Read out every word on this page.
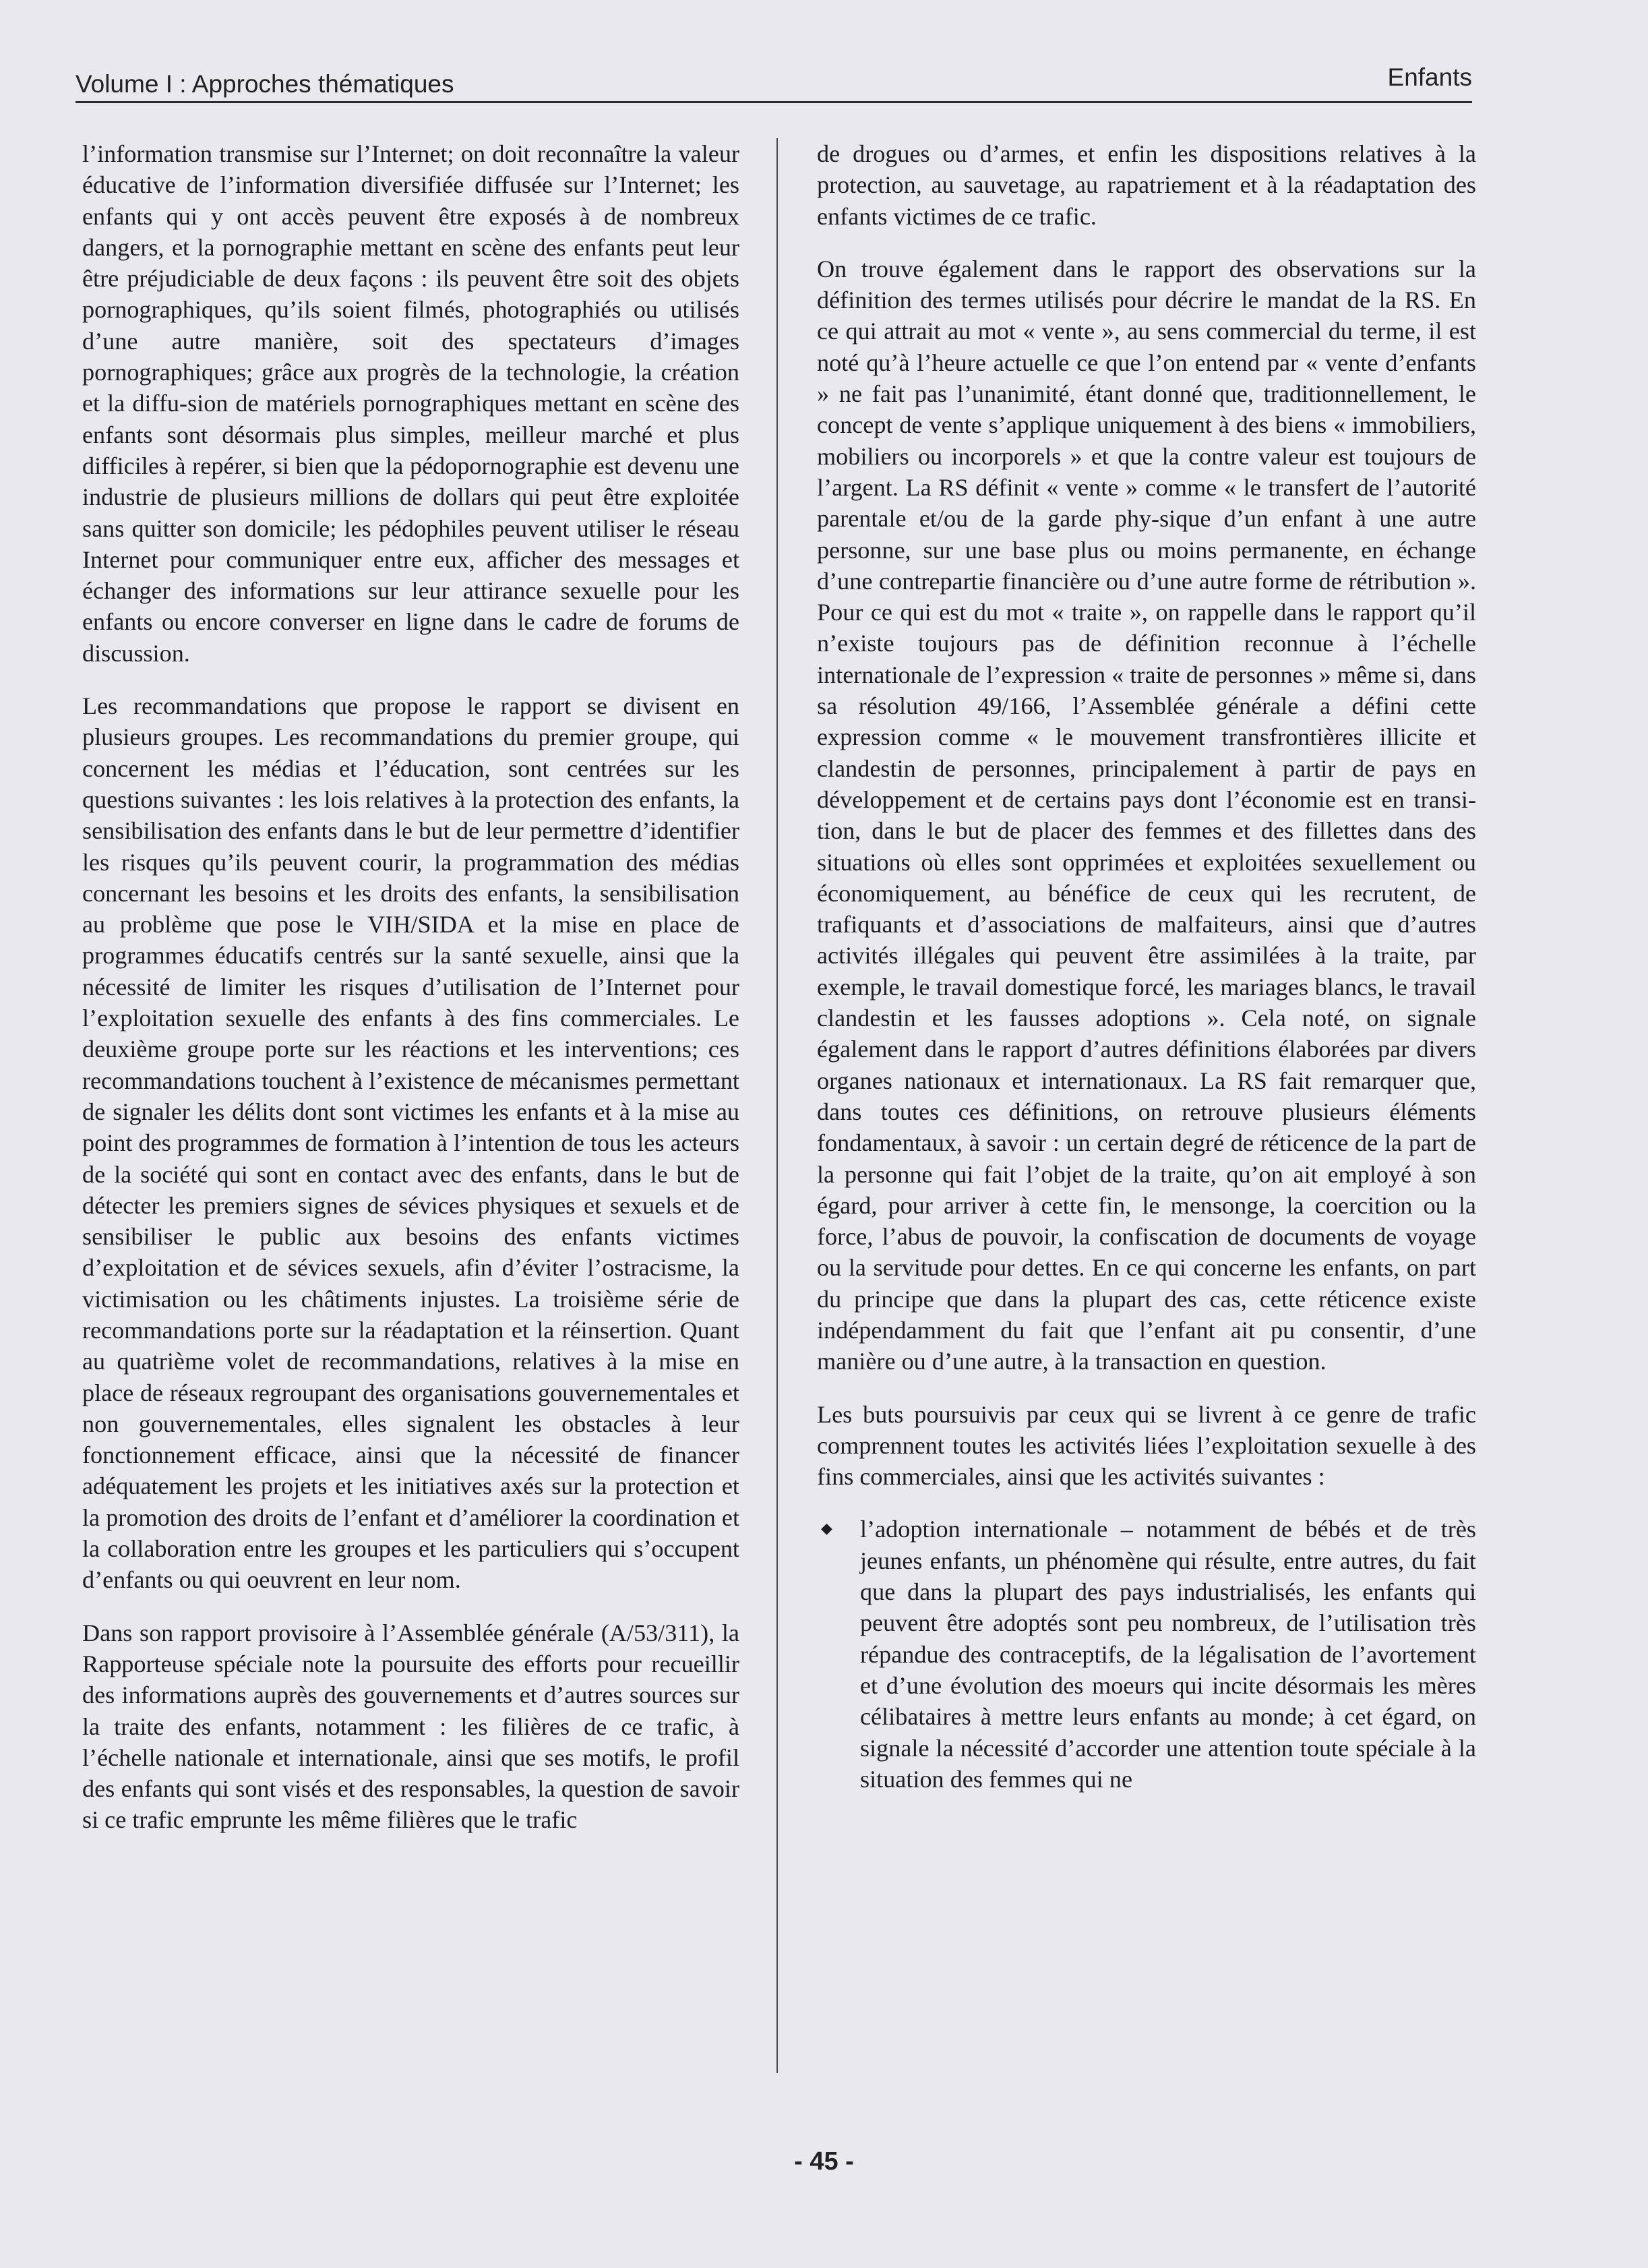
Volume I : Approches thématiques	Enfants

l’information transmise sur l’Internet; on doit reconnaître la valeur éducative de l’information diversifiée diffusée sur l’Internet; les enfants qui y ont accès peuvent être exposés à de nombreux dangers, et la pornographie mettant en scène des enfants peut leur être préjudiciable de deux façons : ils peuvent être soit des objets pornographiques, qu’ils soient filmés, photographiés ou utilisés d’une autre manière, soit des spectateurs d’images pornographiques; grâce aux progrès de la technologie, la création et la diffu-sion de matériels pornographiques mettant en scène des enfants sont désormais plus simples, meilleur marché et plus difficiles à repérer, si bien que la pédopornographie est devenu une industrie de plusieurs millions de dollars qui peut être exploitée sans quitter son domicile; les pédophiles peuvent utiliser le réseau Internet pour communiquer entre eux, afficher des messages et échanger des informations sur leur attirance sexuelle pour les enfants ou encore converser en ligne dans le cadre de forums de discussion.

Les recommandations que propose le rapport se divisent en plusieurs groupes. Les recommandations du premier groupe, qui concernent les médias et l’éducation, sont centrées sur les questions suivantes : les lois relatives à la protection des enfants, la sensibilisation des enfants dans le but de leur permettre d’identifier les risques qu’ils peuvent courir, la programmation des médias concernant les besoins et les droits des enfants, la sensibilisation au problème que pose le VIH/SIDA et la mise en place de programmes éducatifs centrés sur la santé sexuelle, ainsi que la nécessité de limiter les risques d’utilisation de l’Internet pour l’exploitation sexuelle des enfants à des fins commerciales. Le deuxième groupe porte sur les réactions et les interventions; ces recommandations touchent à l’existence de mécanismes permettant de signaler les délits dont sont victimes les enfants et à la mise au point des programmes de formation à l’intention de tous les acteurs de la société qui sont en contact avec des enfants, dans le but de détecter les premiers signes de sévices physiques et sexuels et de sensibiliser le public aux besoins des enfants victimes d’exploitation et de sévices sexuels, afin d’éviter l’ostracisme, la victimisation ou les châtiments injustes. La troisième série de recommandations porte sur la réadaptation et la réinsertion. Quant au quatrième volet de recommandations, relatives à la mise en place de réseaux regroupant des organisations gouvernementales et non gouvernementales, elles signalent les obstacles à leur fonctionnement efficace, ainsi que la nécessité de financer adéquatement les projets et les initiatives axés sur la protection et la promotion des droits de l’enfant et d’améliorer la coordination et la collaboration entre les groupes et les particuliers qui s’occupent d’enfants ou qui oeuvrent en leur nom.

Dans son rapport provisoire à l’Assemblée générale (A/53/311), la Rapporteuse spéciale note la poursuite des efforts pour recueillir des informations auprès des gouvernements et d’autres sources sur la traite des enfants, notamment : les filières de ce trafic, à l’échelle nationale et internationale, ainsi que ses motifs, le profil des enfants qui sont visés et des responsables, la question de savoir si ce trafic emprunte les même filières que le trafic

de drogues ou d’armes, et enfin les dispositions relatives à la protection, au sauvetage, au rapatriement et à la réadaptation des enfants victimes de ce trafic.

On trouve également dans le rapport des observations sur la définition des termes utilisés pour décrire le mandat de la RS. En ce qui attrait au mot « vente », au sens commercial du terme, il est noté qu’à l’heure actuelle ce que l’on entend par « vente d’enfants » ne fait pas l’unanimité, étant donné que, traditionnellement, le concept de vente s’applique uniquement à des biens « immobiliers, mobiliers ou incorporels » et que la contre valeur est toujours de l’argent. La RS définit « vente » comme « le transfert de l’autorité parentale et/ou de la garde phy-sique d’un enfant à une autre personne, sur une base plus ou moins permanente, en échange d’une contrepartie financière ou d’une autre forme de rétribution ». Pour ce qui est du mot « traite », on rappelle dans le rapport qu’il n’existe toujours pas de définition reconnue à l’échelle internationale de l’expression « traite de personnes » même si, dans sa résolution 49/166, l’Assemblée générale a défini cette expression comme « le mouvement transfrontières illicite et clandestin de personnes, principalement à partir de pays en développement et de certains pays dont l’économie est en transition, dans le but de placer des femmes et des fillettes dans des situations où elles sont opprimées et exploitées sexuellement ou économiquement, au bénéfice de ceux qui les recrutent, de trafiquants et d’associations de malfaiteurs, ainsi que d’autres activités illégales qui peuvent être assimilées à la traite, par exemple, le travail domestique forcé, les mariages blancs, le travail clandestin et les fausses adoptions ». Cela noté, on signale également dans le rapport d’autres définitions élaborées par divers organes nationaux et internationaux. La RS fait remarquer que, dans toutes ces définitions, on retrouve plusieurs éléments fondamentaux, à savoir : un certain degré de réticence de la part de la personne qui fait l’objet de la traite, qu’on ait employé à son égard, pour arriver à cette fin, le mensonge, la coercition ou la force, l’abus de pouvoir, la confiscation de documents de voyage ou la servitude pour dettes. En ce qui concerne les enfants, on part du principe que dans la plupart des cas, cette réticence existe indépendamment du fait que l’enfant ait pu consentir, d’une manière ou d’une autre, à la transaction en question.

Les buts poursuivis par ceux qui se livrent à ce genre de trafic comprennent toutes les activités liées l’exploitation sexuelle à des fins commerciales, ainsi que les activités suivantes :

◆ l’adoption internationale – notamment de bébés et de très jeunes enfants, un phénomène qui résulte, entre autres, du fait que dans la plupart des pays industrialisés, les enfants qui peuvent être adoptés sont peu nombreux, de l’utilisation très répandue des contraceptifs, de la légalisation de l’avortement et d’une évolution des moeurs qui incite désormais les mères célibataires à mettre leurs enfants au monde; à cet égard, on signale la nécessité d’accorder une attention toute spéciale à la situation des femmes qui ne
- 45 -
